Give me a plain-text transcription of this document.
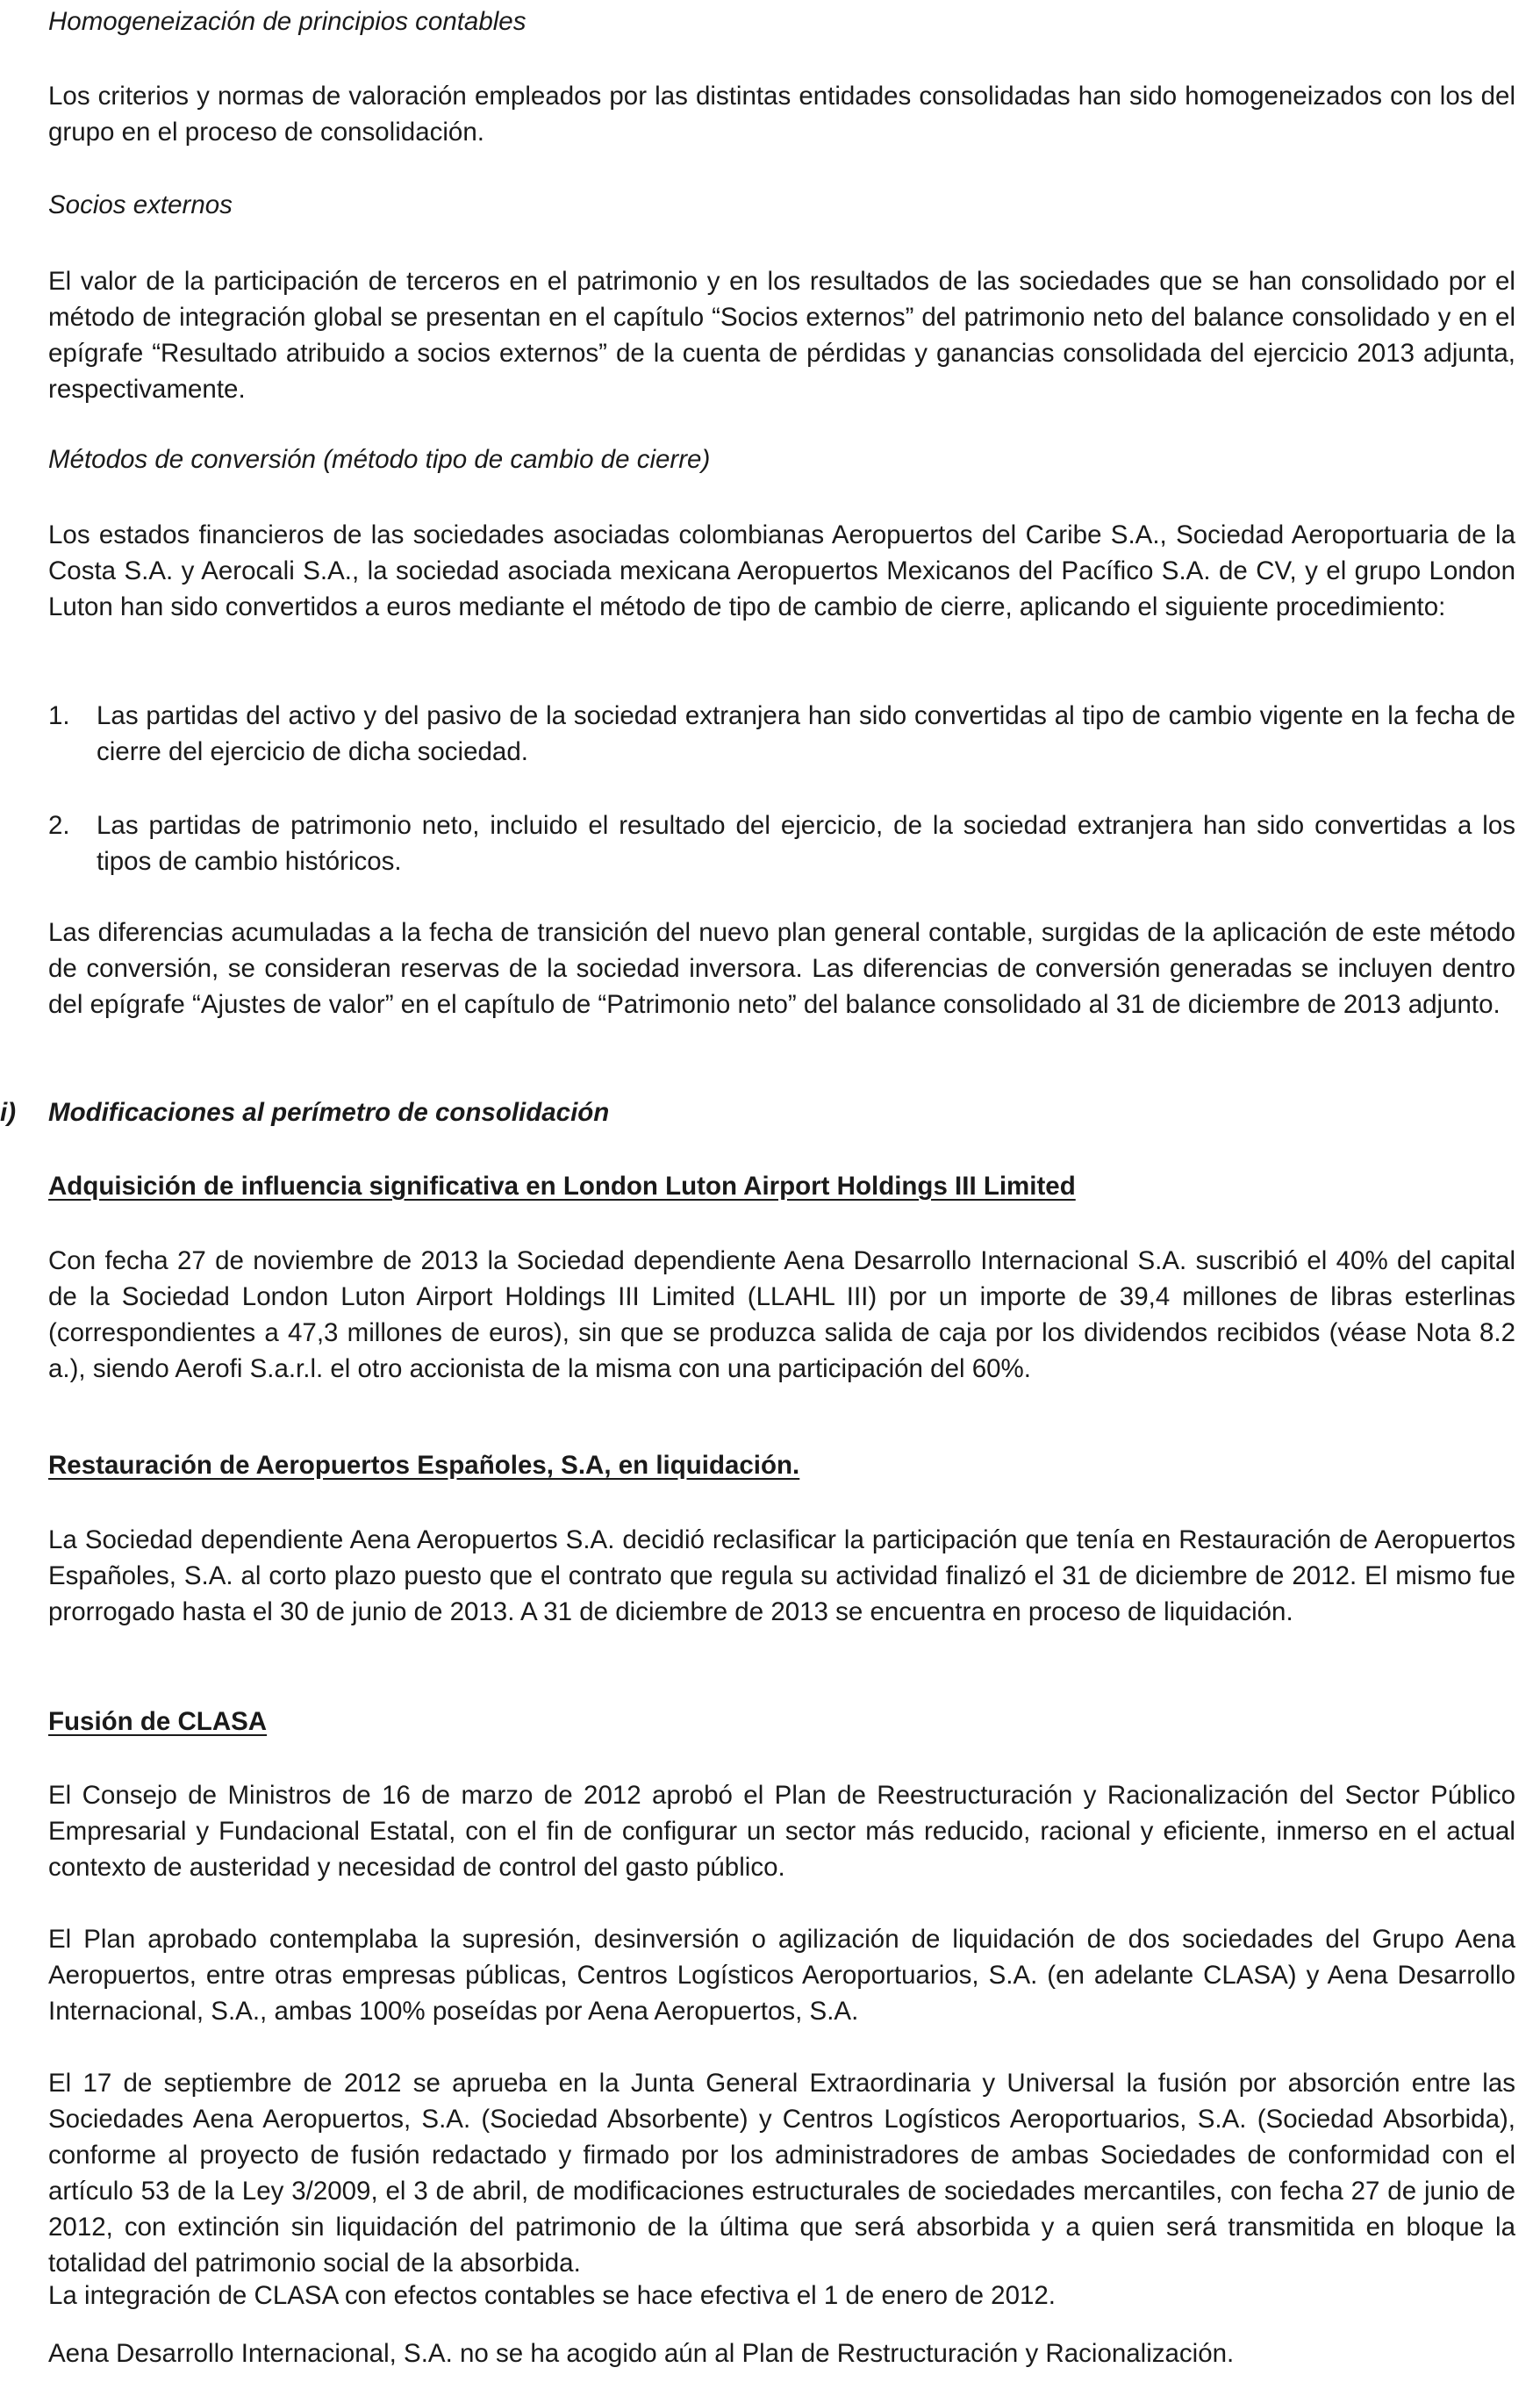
Homogeneización de principios contables

Los criterios y normas de valoración empleados por las distintas entidades consolidadas han sido homogeneizados con los del grupo en el proceso de consolidación.

Socios externos

El valor de la participación de terceros en el patrimonio y en los resultados de las sociedades que se han consolidado por el método de integración global se presentan en el capítulo “Socios externos” del patrimonio neto del balance consolidado y en el epígrafe “Resultado atribuido a socios externos” de la cuenta de pérdidas y ganancias consolidada del ejercicio 2013 adjunta, respectivamente.

Métodos de conversión (método tipo de cambio de cierre)

Los estados financieros de las sociedades asociadas colombianas Aeropuertos del Caribe S.A., Sociedad Aeroportuaria de la Costa S.A. y Aerocali S.A., la sociedad asociada mexicana Aeropuertos Mexicanos del Pacífico S.A. de CV, y el grupo London Luton han sido convertidos a euros mediante el método de tipo de cambio de cierre, aplicando el siguiente procedimiento:

1. Las partidas del activo y del pasivo de la sociedad extranjera han sido convertidas al tipo de cambio vigente en la fecha de cierre del ejercicio de dicha sociedad.

2. Las partidas de patrimonio neto, incluido el resultado del ejercicio, de la sociedad extranjera han sido convertidas a los tipos de cambio históricos.

Las diferencias acumuladas a la fecha de transición del nuevo plan general contable, surgidas de la aplicación de este método de conversión, se consideran reservas de la sociedad inversora. Las diferencias de conversión generadas se incluyen dentro del epígrafe “Ajustes de valor” en el capítulo de “Patrimonio neto” del balance consolidado al 31 de diciembre de 2013 adjunto.

i) Modificaciones al perímetro de consolidación

Adquisición de influencia significativa en London Luton Airport Holdings III Limited

Con fecha 27 de noviembre de 2013 la Sociedad dependiente Aena Desarrollo Internacional S.A. suscribió el 40% del capital de la Sociedad London Luton Airport Holdings III Limited (LLAHL III) por un importe de 39,4 millones de libras esterlinas (correspondientes a 47,3 millones de euros), sin que se produzca salida de caja por los dividendos recibidos (véase Nota 8.2 a.), siendo Aerofi S.a.r.l. el otro accionista de la misma con una participación del 60%.

Restauración de Aeropuertos Españoles, S.A, en liquidación.

La Sociedad dependiente Aena Aeropuertos S.A. decidió reclasificar la participación que tenía en Restauración de Aeropuertos Españoles, S.A. al corto plazo puesto que el contrato que regula su actividad finalizó el 31 de diciembre de 2012. El mismo fue prorrogado hasta el 30 de junio de 2013. A 31 de diciembre de 2013 se encuentra en proceso de liquidación.

Fusión de CLASA

El Consejo de Ministros de 16 de marzo de 2012 aprobó el Plan de Reestructuración y Racionalización del Sector Público Empresarial y Fundacional Estatal, con el fin de configurar un sector más reducido, racional y eficiente, inmerso en el actual contexto de austeridad y necesidad de control del gasto público.

El Plan aprobado contemplaba la supresión, desinversión o agilización de liquidación de dos sociedades del Grupo Aena Aeropuertos, entre otras empresas públicas, Centros Logísticos Aeroportuarios, S.A. (en adelante CLASA) y Aena Desarrollo Internacional, S.A., ambas 100% poseídas por Aena Aeropuertos, S.A.

El 17 de septiembre de 2012 se aprueba en la Junta General Extraordinaria y Universal la fusión por absorción entre las Sociedades Aena Aeropuertos, S.A. (Sociedad Absorbente) y Centros Logísticos Aeroportuarios, S.A. (Sociedad Absorbida), conforme al proyecto de fusión redactado y firmado por los administradores de ambas Sociedades de conformidad con el artículo 53 de la Ley 3/2009, el 3 de abril, de modificaciones estructurales de sociedades mercantiles, con fecha 27 de junio de 2012, con extinción sin liquidación del patrimonio de la última que será absorbida y a quien será transmitida en bloque la totalidad del patrimonio social de la absorbida.

La integración de CLASA con efectos contables se hace efectiva el 1 de enero de 2012.

Aena Desarrollo Internacional, S.A. no se ha acogido aún al Plan de Restructuración y Racionalización.
